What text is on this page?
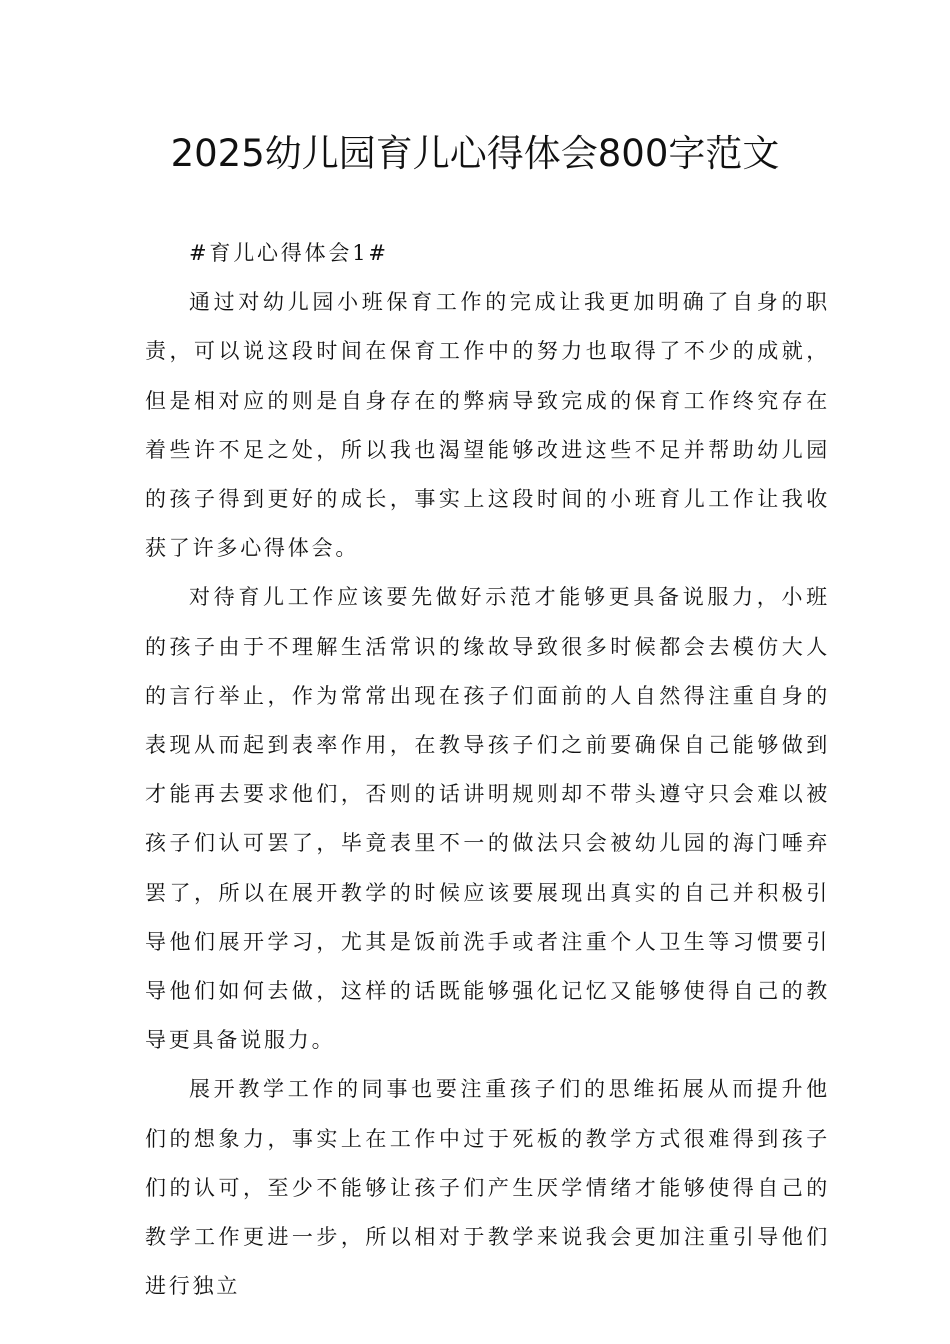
2025幼儿园育儿心得体会800字范文

#育儿心得体会1#

通过对幼儿园小班保育工作的完成让我更加明确了自身的职责，可以说这段时间在保育工作中的努力也取得了不少的成就，但是相对应的则是自身存在的弊病导致完成的保育工作终究存在着些许不足之处，所以我也渴望能够改进这些不足并帮助幼儿园的孩子得到更好的成长，事实上这段时间的小班育儿工作让我收获了许多心得体会。

对待育儿工作应该要先做好示范才能够更具备说服力，小班的孩子由于不理解生活常识的缘故导致很多时候都会去模仿大人的言行举止，作为常常出现在孩子们面前的人自然得注重自身的表现从而起到表率作用，在教导孩子们之前要确保自己能够做到才能再去要求他们，否则的话讲明规则却不带头遵守只会难以被孩子们认可罢了，毕竟表里不一的做法只会被幼儿园的海门唾弃罢了，所以在展开教学的时候应该要展现出真实的自己并积极引导他们展开学习，尤其是饭前洗手或者注重个人卫生等习惯要引导他们如何去做，这样的话既能够强化记忆又能够使得自己的教导更具备说服力。

展开教学工作的同事也要注重孩子们的思维拓展从而提升他们的想象力，事实上在工作中过于死板的教学方式很难得到孩子们的认可，至少不能够让孩子们产生厌学情绪才能够使得自己的教学工作更进一步，所以相对于教学来说我会更加注重引导他们进行独立
